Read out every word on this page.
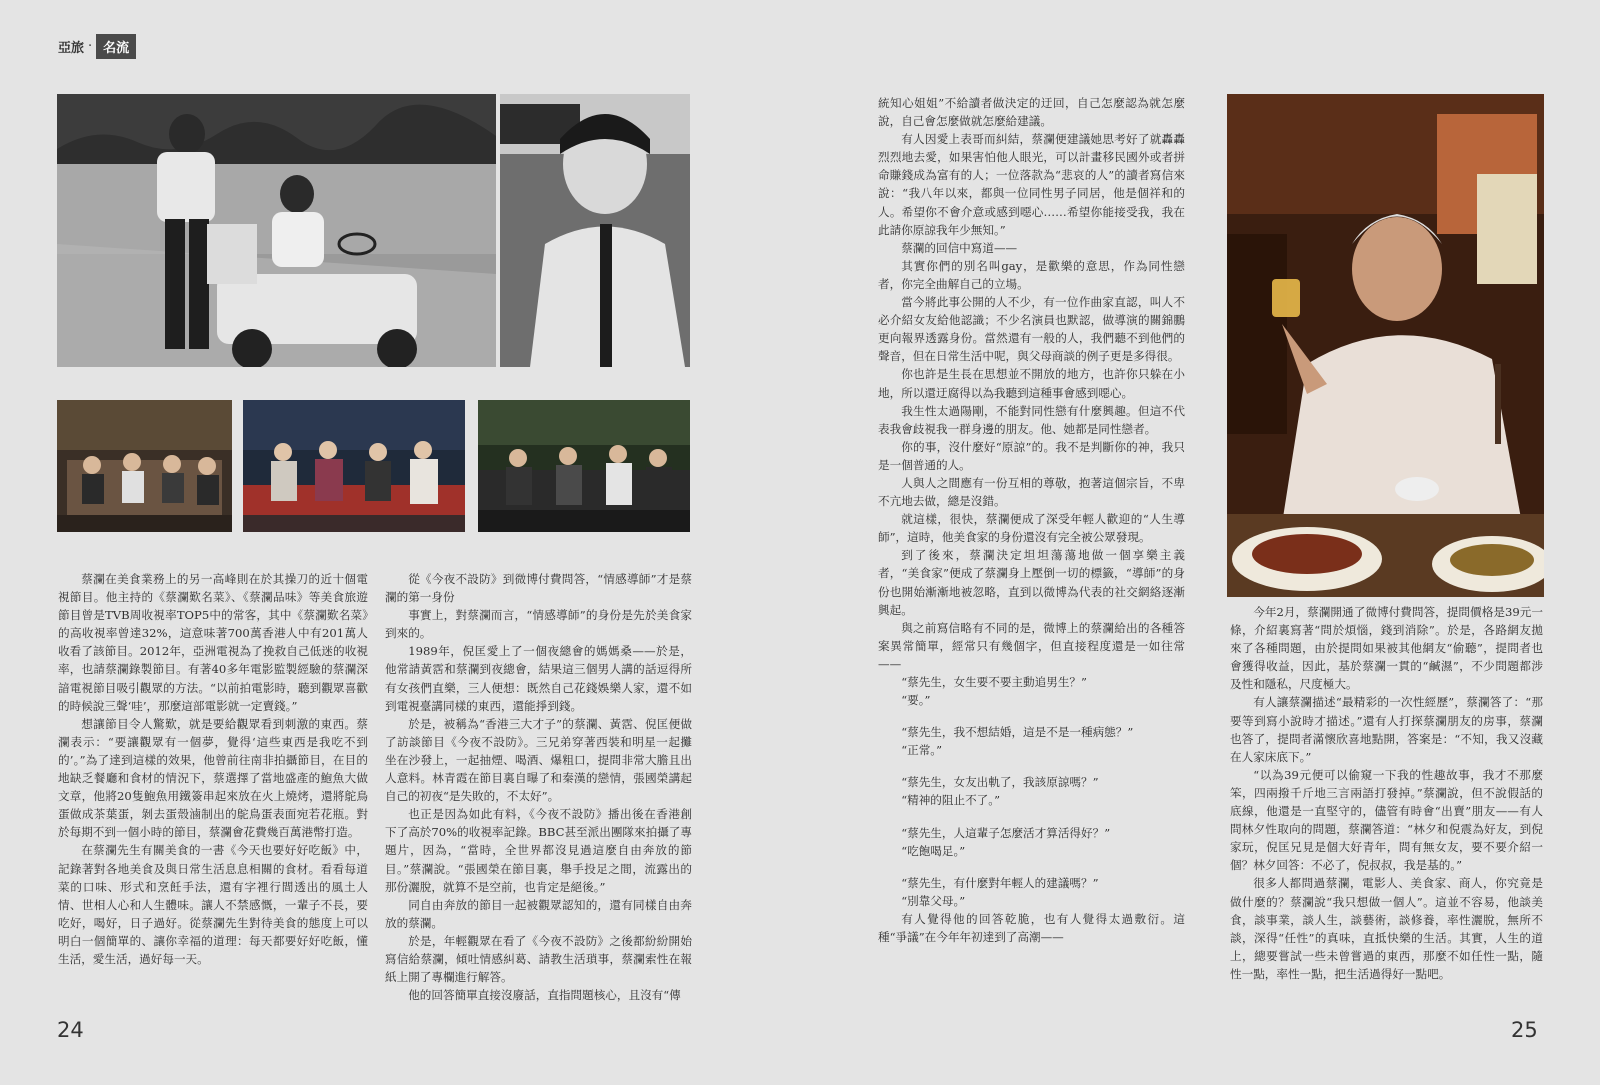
亞旅 · 名流

蔡瀾在美食業務上的另一高峰則在於其操刀的近十個電視節目。他主持的《蔡瀾歎名菜》、《蔡瀾品味》等美食旅遊節目曾是TVB周收視率TOP5中的常客，其中《蔡瀾歎名菜》的高收視率曾達32%，這意味著700萬香港人中有201萬人收看了該節目。2012年，亞洲電視為了挽救自己低迷的收視率，也請蔡瀾錄製節目。有著40多年電影監製經驗的蔡瀾深諳電視節目吸引觀眾的方法。“以前拍電影時，聽到觀眾喜歡的時候說三聲‘哇’，那麼這部電影就一定賣錢。”

想讓節目令人驚歎，就是要給觀眾看到刺激的東西。蔡瀾表示：“要讓觀眾有一個夢，覺得‘這些東西是我吃不到的’。”為了達到這樣的效果，他曾前往南非拍攝節目，在目的地缺乏餐廳和食材的情況下，蔡選擇了當地盛產的鮑魚大做文章，他將20隻鮑魚用鐵簽串起來放在火上燒烤，還將鴕鳥蛋做成茶葉蛋，剝去蛋殼滷制出的鴕鳥蛋表面宛若花瓶。對於每期不到一個小時的節目，蔡瀾會花費幾百萬港幣打造。

在蔡瀾先生有關美食的一書《今天也要好好吃飯》中，記錄著對各地美食及與日常生活息息相關的食材。看看每道菜的口味、形式和烹飪手法，還有字裡行間透出的風土人情、世相人心和人生體味。讓人不禁感慨，一輩子不長，要吃好，喝好，日子過好。從蔡瀾先生對待美食的態度上可以明白一個簡單的、讓你幸福的道理：每天都要好好吃飯，懂生活，愛生活，過好每一天。

從《今夜不設防》到微博付費問答，“情感導師”才是蔡瀾的第一身份

事實上，對蔡瀾而言，“情感導師”的身份是先於美食家到來的。

1989年，倪匡愛上了一個夜總會的媽媽桑——於是，他常請黃霑和蔡瀾到夜總會，結果這三個男人講的話逗得所有女孩們直樂，三人便想：既然自己花錢娛樂人家，還不如到電視臺講同樣的東西，還能掙到錢。

於是，被稱為“香港三大才子”的蔡瀾、黃霑、倪匡便做了訪談節目《今夜不設防》。三兄弟穿著西裝和明星一起攤坐在沙發上，一起抽煙、喝酒、爆粗口，提問非常大膽且出人意料。林青霞在節目裏自曝了和秦漢的戀情，張國榮講起自己的初夜“是失敗的，不太好”。

也正是因為如此有料，《今夜不設防》播出後在香港創下了高於70%的收視率記錄。BBC甚至派出團隊來拍攝了專題片，因為，“當時，全世界都沒見過這麼自由奔放的節目。”蔡瀾說。“張國榮在節目裏，舉手投足之間，流露出的那份灑脫，就算不是空前，也肯定是絕後。”

同自由奔放的節目一起被觀眾認知的，還有同樣自由奔放的蔡瀾。

於是，年輕觀眾在看了《今夜不設防》之後都紛紛開始寫信給蔡瀾，傾吐情感糾葛、請教生活瑣事，蔡瀾索性在報紙上開了專欄進行解答。

他的回答簡單直接沒廢話，直指問題核心，且沒有“傳

24

統知心姐姐”不給讀者做決定的迂回，自己怎麼認為就怎麼說，自己會怎麼做就怎麼給建議。

有人因愛上表哥而糾結，蔡瀾便建議她思考好了就轟轟烈烈地去愛，如果害怕他人眼光，可以計畫移民國外或者拼命賺錢成為富有的人；一位落款為“悲哀的人”的讀者寫信來說：“我八年以來，都與一位同性男子同居，他是個祥和的人。希望你不會介意或感到噁心……希望你能接受我，我在此請你原諒我年少無知。”

蔡瀾的回信中寫道——

其實你們的別名叫gay，是歡樂的意思，作為同性戀者，你完全曲解自己的立場。

當今將此事公開的人不少，有一位作曲家直認，叫人不必介紹女友給他認識；不少名演員也默認，做導演的關錦鵬更向報界透露身份。當然還有一般的人，我們聽不到他們的聲音，但在日常生活中呢，與父母商談的例子更是多得很。

你也許是生長在思想並不開放的地方，也許你只躲在小地，所以還迂腐得以為我聽到這種事會感到噁心。

我生性太過陽剛，不能對同性戀有什麼興趣。但這不代表我會歧視我一群身邊的朋友。他、她都是同性戀者。

你的事，沒什麼好“原諒”的。我不是判斷你的神，我只是一個普通的人。

人與人之間應有一份互相的尊敬，抱著這個宗旨，不卑不亢地去做，總是沒錯。

就這樣，很快，蔡瀾便成了深受年輕人歡迎的“人生導師”，這時，他美食家的身份還沒有完全被公眾發現。

到了後來，蔡瀾決定坦坦蕩蕩地做一個享樂主義者，“美食家”便成了蔡瀾身上壓倒一切的標籤，“導師”的身份也開始漸漸地被忽略，直到以微博為代表的社交網絡逐漸興起。

與之前寫信略有不同的是，微博上的蔡瀾給出的各種答案異常簡單，經常只有幾個字，但直接程度還是一如往常——

“蔡先生，女生要不要主動追男生？”

“要。”

“蔡先生，我不想結婚，這是不是一種病態？”

“正常。”

“蔡先生，女友出軌了，我該原諒嗎？”

“精神的阻止不了。”

“蔡先生，人這輩子怎麼活才算活得好？”

“吃飽喝足。”

“蔡先生，有什麼對年輕人的建議嗎？”

“別靠父母。”

有人覺得他的回答乾脆，也有人覺得太過敷衍。這種“爭議”在今年年初達到了高潮——

今年2月，蔡瀾開通了微博付費問答，提問價格是39元一條，介紹裏寫著“問於煩惱，錢到消除”。於是，各路網友拋來了各種問題，由於提問如果被其他網友“偷聽”，提問者也會獲得收益，因此，基於蔡瀾一貫的“鹹濕”，不少問題都涉及性和隱私，尺度極大。

有人讓蔡瀾描述“最精彩的一次性經歷”，蔡瀾答了：“那要等到寫小說時才描述。”還有人打探蔡瀾朋友的房事，蔡瀾也答了，提問者滿懷欣喜地點開，答案是：“不知，我又沒藏在人家床底下。”

“以為39元便可以偷窺一下我的性趣故事，我才不那麼笨，四兩撥千斤地三言兩語打發掉。”蔡瀾說，但不說假話的底線，他還是一直堅守的，儘管有時會“出賣”朋友——有人問林夕性取向的問題，蔡瀾答道：“林夕和倪震為好友，到倪家玩，倪匡兄見是個大好青年，問有無女友，要不要介紹一個？林夕回答：不必了，倪叔叔，我是基的。”

很多人都問過蔡瀾，電影人、美食家、商人，你究竟是做什麼的？蔡瀾說“我只想做一個人”。這並不容易，他談美食，談事業，談人生，談藝術，談修養，率性灑脫，無所不談，深得“任性”的真味，直抵快樂的生活。其實，人生的道上，總要嘗試一些未曾嘗過的東西，那麼不如任性一點，隨性一點，率性一點，把生活過得好一點吧。

25
